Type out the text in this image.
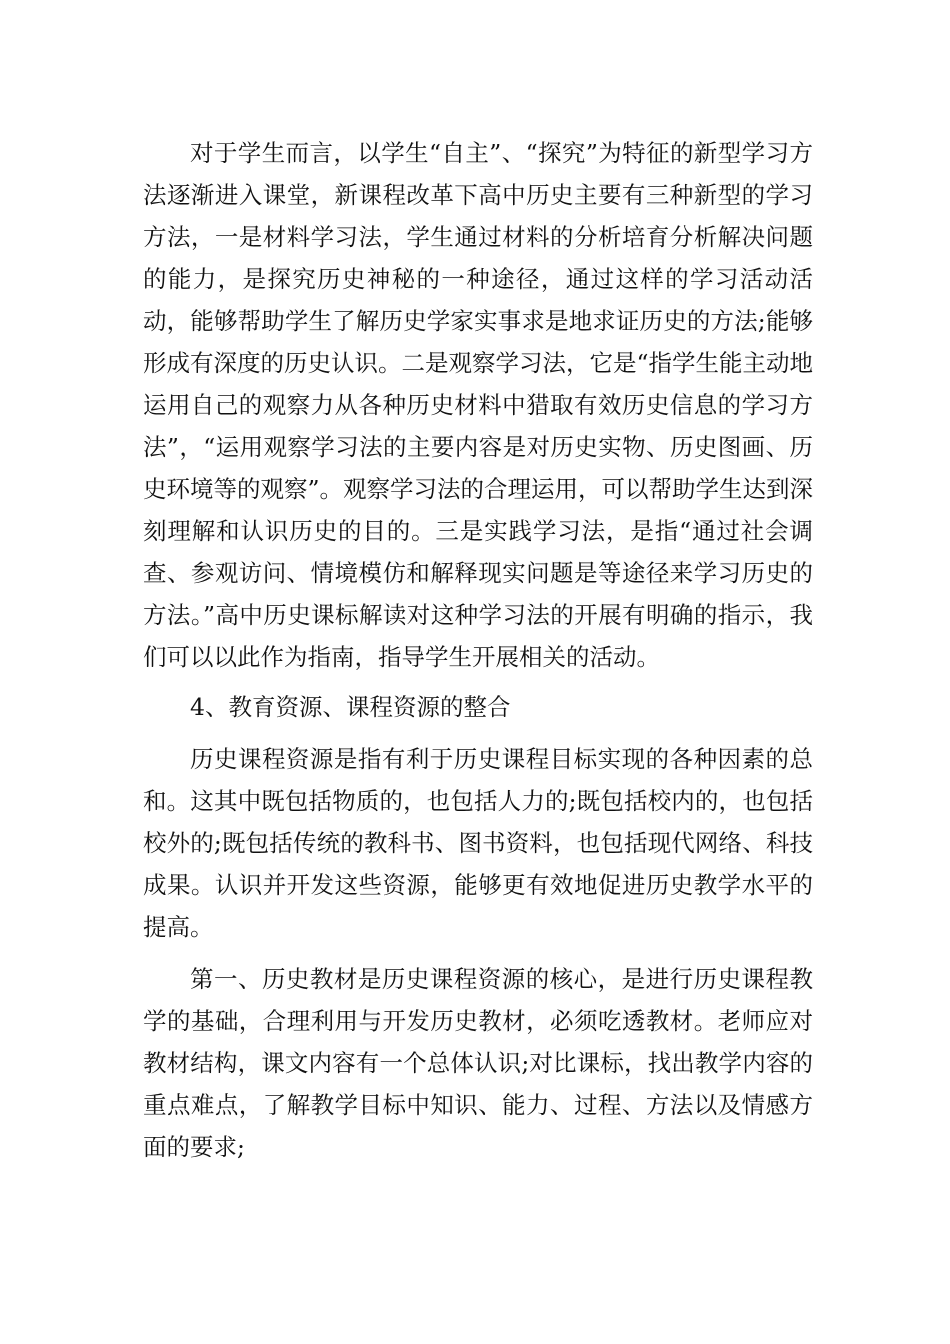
对于学生而言，以学生“自主”、“探究”为特征的新型学习方法逐渐进入课堂，新课程改革下高中历史主要有三种新型的学习方法，一是材料学习法，学生通过材料的分析培育分析解决问题的能力，是探究历史神秘的一种途径，通过这样的学习活动活动，能够帮助学生了解历史学家实事求是地求证历史的方法;能够形成有深度的历史认识。二是观察学习法，它是“指学生能主动地运用自己的观察力从各种历史材料中猎取有效历史信息的学习方法”，“运用观察学习法的主要内容是对历史实物、历史图画、历史环境等的观察”。观察学习法的合理运用，可以帮助学生达到深刻理解和认识历史的目的。三是实践学习法，是指“通过社会调查、参观访问、情境模仿和解释现实问题是等途径来学习历史的方法。”高中历史课标解读对这种学习法的开展有明确的指示，我们可以以此作为指南，指导学生开展相关的活动。

4、教育资源、课程资源的整合

历史课程资源是指有利于历史课程目标实现的各种因素的总和。这其中既包括物质的，也包括人力的;既包括校内的，也包括校外的;既包括传统的教科书、图书资料，也包括现代网络、科技成果。认识并开发这些资源，能够更有效地促进历史教学水平的提高。

第一、历史教材是历史课程资源的核心，是进行历史课程教学的基础，合理利用与开发历史教材，必须吃透教材。老师应对教材结构，课文内容有一个总体认识;对比课标，找出教学内容的重点难点，了解教学目标中知识、能力、过程、方法以及情感方面的要求;
